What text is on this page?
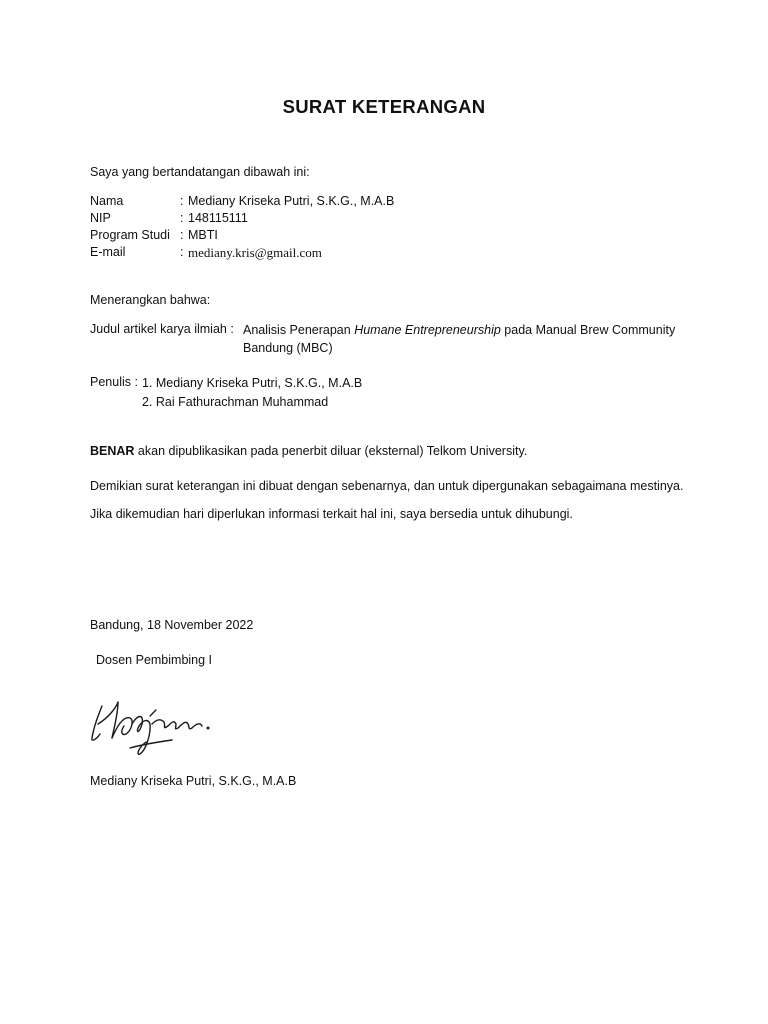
SURAT KETERANGAN
Saya yang bertandatangan dibawah ini:
Nama	: Mediany Kriseka Putri, S.K.G., M.A.B
NIP	: 148115111
Program Studi : MBTI
E-mail	: mediany.kris@gmail.com
Menerangkan bahwa:
Judul artikel karya ilmiah : Analisis Penerapan Humane Entrepreneurship pada Manual Brew Community Bandung (MBC)
Penulis : 1. Mediany Kriseka Putri, S.K.G., M.A.B
2. Rai Fathurachman Muhammad
BENAR akan dipublikasikan pada penerbit diluar (eksternal) Telkom University.
Demikian surat keterangan ini dibuat dengan sebenarnya, dan untuk dipergunakan sebagaimana mestinya. Jika dikemudian hari diperlukan informasi terkait hal ini, saya bersedia untuk dihubungi.
Bandung, 18 November 2022
Dosen Pembimbing I
Mediany Kriseka Putri, S.K.G., M.A.B
